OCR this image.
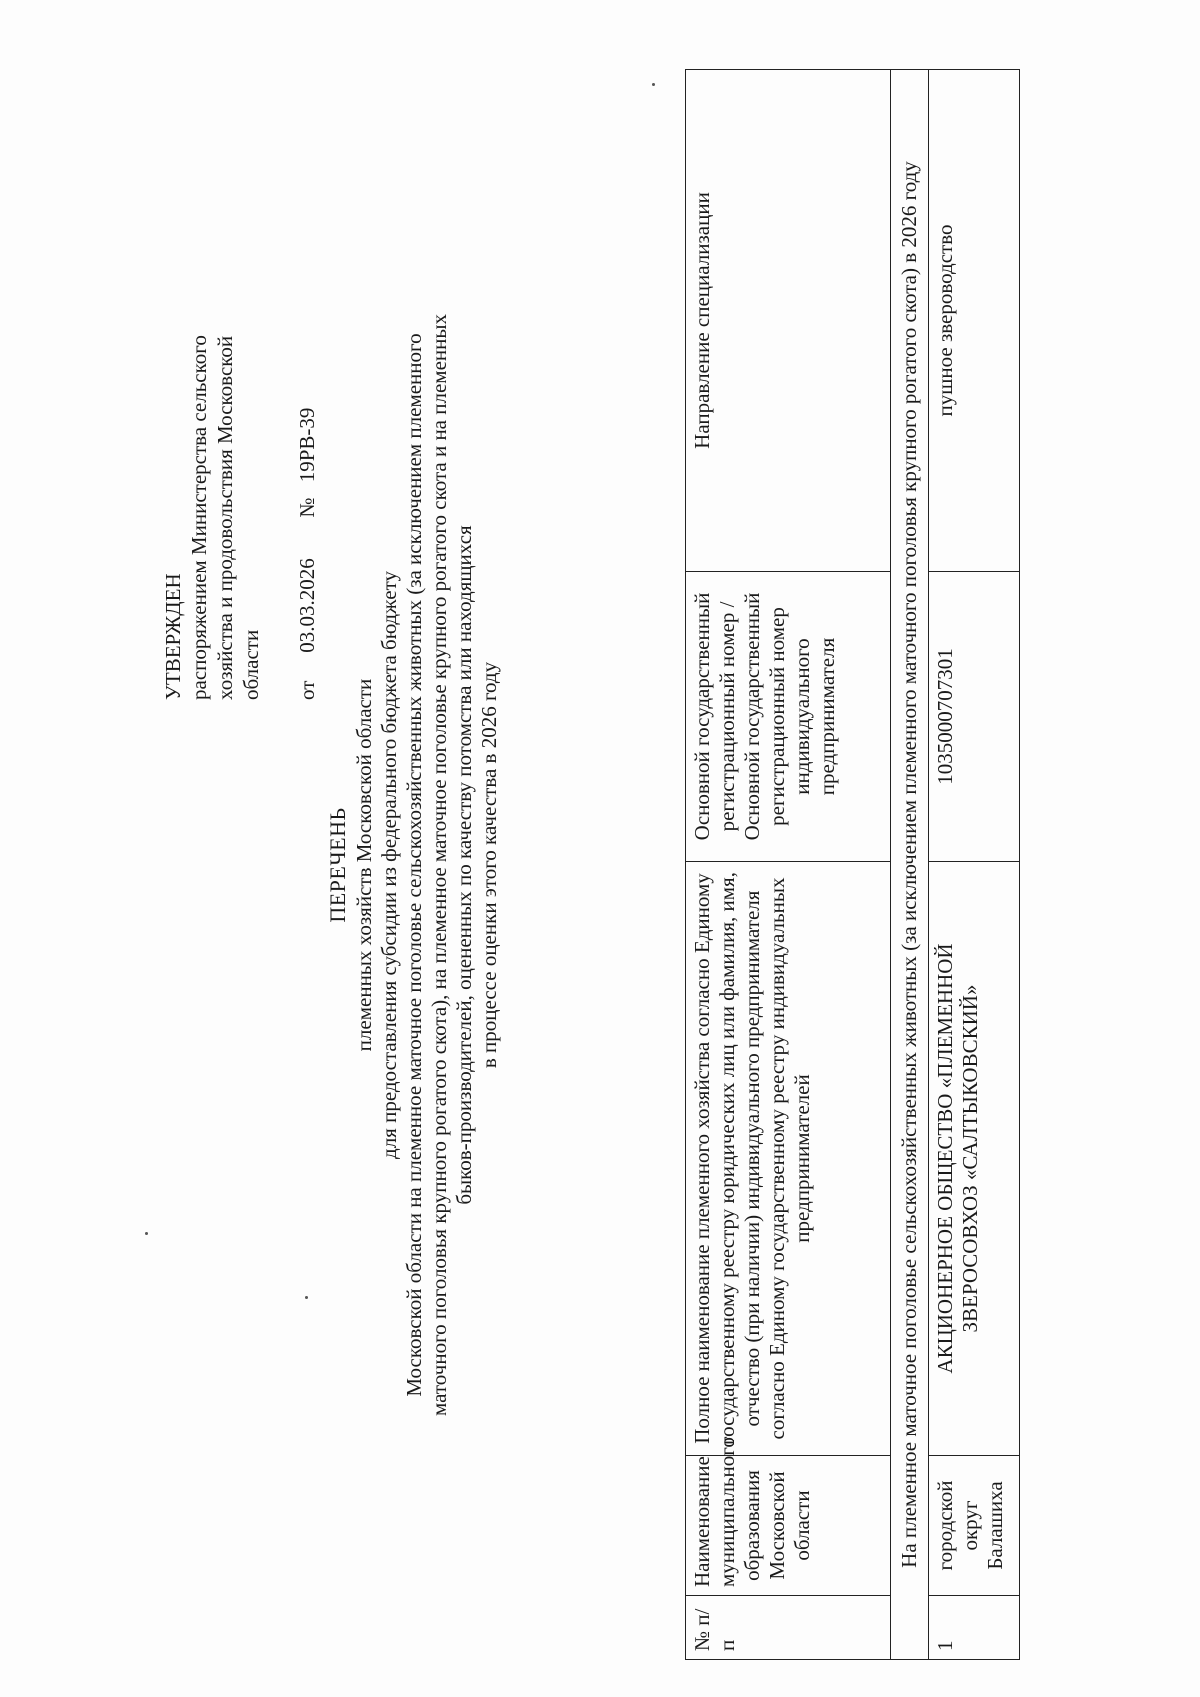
УТВЕРЖДЕН распоряжением Министерства сельского хозяйства и продовольствия Московской области от 03.03.2026 № 19РВ-39
ПЕРЕЧЕНЬ племенных хозяйств Московской области для предоставления субсидии из федерального бюджета бюджету Московской области на племенное маточное поголовье сельскохозяйственных животных (за исключением племенного маточного поголовья крупного рогатого скота), на племенное маточное поголовье крупного рогатого скота и на племенных быков-производителей, оцененных по качеству потомства или находящихся в процессе оценки этого качества в 2026 году
№ п/п	Наименование муниципального образования Московской области	Полное наименование племенного хозяйства согласно Единому государственному реестру юридических лиц или фамилия, имя, отчество (при наличии) индивидуального предпринимателя согласно Единому государственному реестру индивидуальных предпринимателей	Основной государственный регистрационный номер / Основной государственный регистрационный номер индивидуального предпринимателя	Направление специализации
На племенное маточное поголовье сельскохозяйственных животных (за исключением племенного маточного поголовья крупного рогатого скота) в 2026 году				
1	городской округ Балашиха	АКЦИОНЕРНОЕ ОБЩЕСТВО «ПЛЕМЕННОЙ ЗВЕРОСОВХОЗ «САЛТЫКОВСКИЙ»	1035000707301	пушное звероводство
